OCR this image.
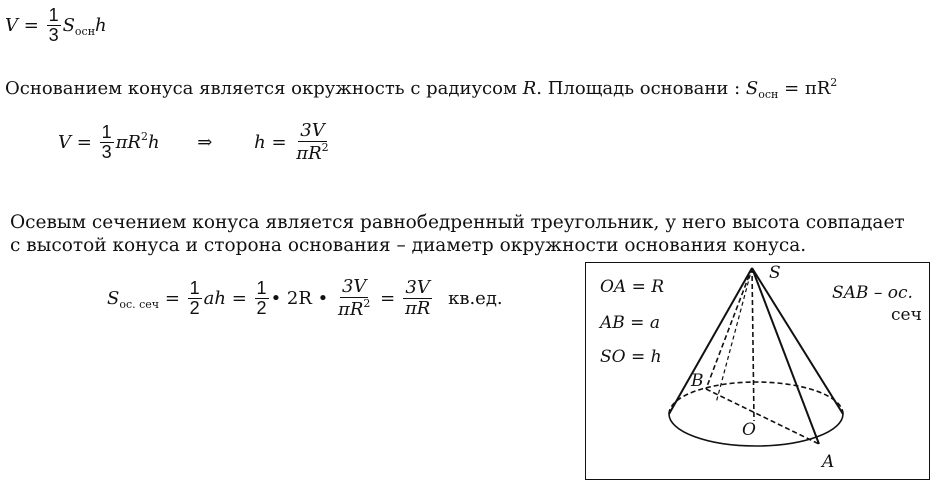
$V = \frac{1}{3} S_{осн}h$
Основанием конуса является окружность с радиусом R. Площадь основани : $S_{осн} = \pi R^2$
$V = \frac{1}{3} \pi R^2h$ ⇒ $h = \frac{3V}{\pi R^2}$
Осевым сечением конуса является равнобедренный треугольник, у него высота совпадает
с высотой конуса и сторона основания – диаметр окружности основания конуса.
$S_{ос. сеч} = \frac{1}{2}$ ah = $\frac{1}{2}$ • 2R • $\frac{3V}{\pi R^2} = \frac{3V}{\pi R} кв.ед$.
OA = R
AB = a
SO = h
SAB – ос.
сеч
S
B
O
A
